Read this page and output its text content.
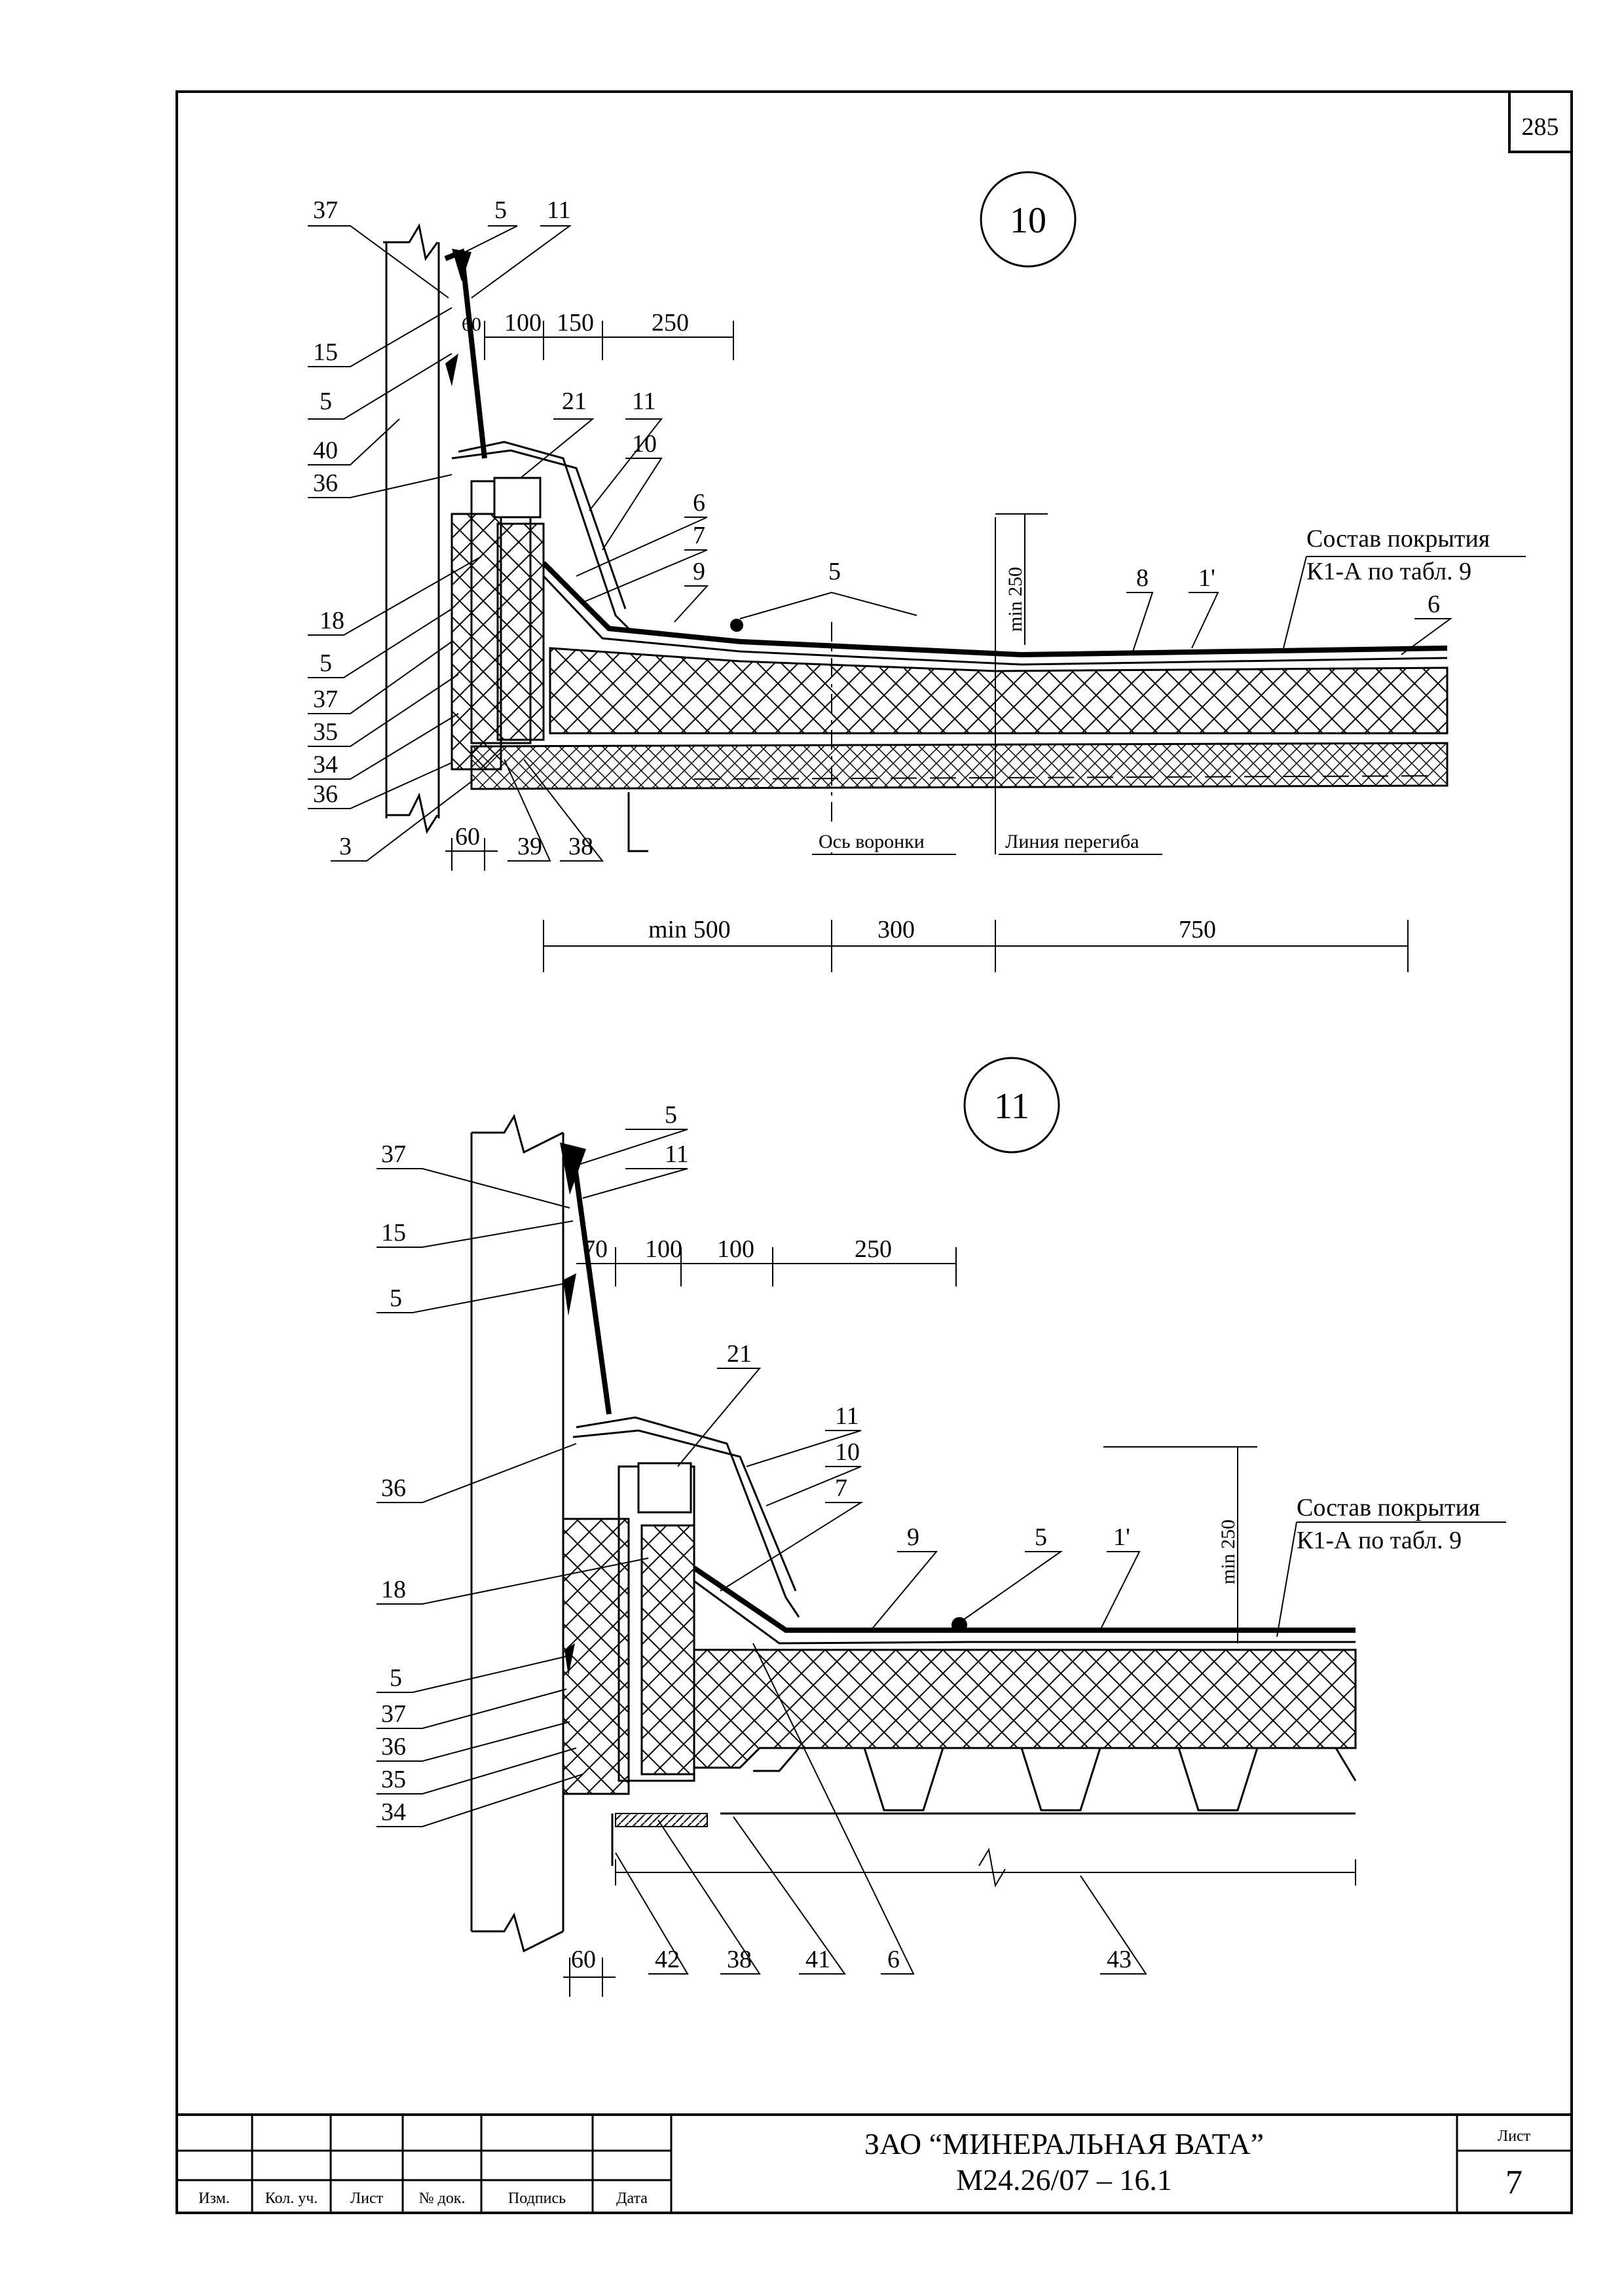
285
10
Ось воронки	Линия перегиба
min 250
Состав покрытия
К1-А по табл. 9
60 100 150 250
min 500	300	750
60
37	5 11
15
5
40
36
21 11
10
6
7
9	5	8 1'
6
18
5
37
35
34
36
3	39 38
11
min 250
Состав покрытия
К1-А по табл. 9
70 100 100	250
60
5
11
37
15
5
21
11
10
7
9	5	1'
36
18
5
37
36
35
34
42 38 41 6	43
Изм. Кол. уч. Лист № док.	Подпись	Дата
ЗАО “МИНЕРАЛЬНАЯ ВАТА”
М24.26/07 – 16.1
Лист
7
